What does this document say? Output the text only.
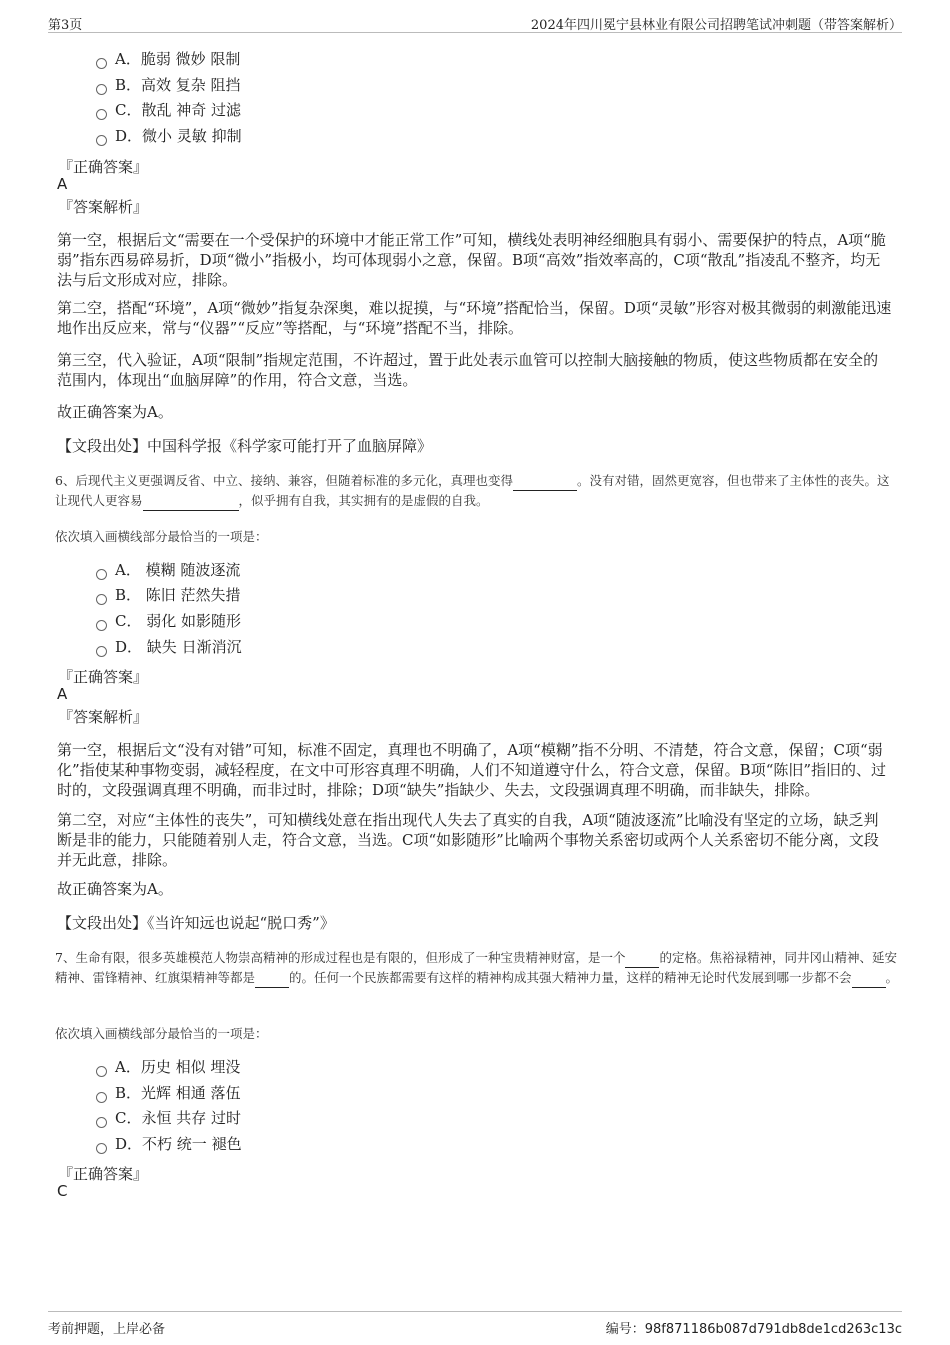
第3页	2024年四川冕宁县林业有限公司招聘笔试冲刺题（带答案解析）
A．脆弱 微妙 限制
B．高效 复杂 阻挡
C．散乱 神奇 过滤
D．微小 灵敏 抑制
『正确答案』
A
『答案解析』
第一空，根据后文“需要在一个受保护的环境中才能正常工作”可知，横线处表明神经细胞具有弱小、需要保护的特点，A项“脆弱”指东西易碎易折，D项“微小”指极小，均可体现弱小之意，保留。B项“高效”指效率高的，C项“散乱”指凌乱不整齐，均无法与后文形成对应，排除。
第二空，搭配“环境”，A项“微妙”指复杂深奥，难以捉摸，与“环境”搭配恰当，保留。D项“灵敏”形容对极其微弱的刺激能迅速地作出反应来，常与“仪器”“反应”等搭配，与“环境”搭配不当，排除。
第三空，代入验证，A项“限制”指规定范围，不许超过，置于此处表示血管可以控制大脑接触的物质，使这些物质都在安全的范围内，体现出“血脑屏障”的作用，符合文意，当选。
故正确答案为A。
【文段出处】中国科学报《科学家可能打开了血脑屏障》
6、后现代主义更强调反省、中立、接纳、兼容，但随着标准的多元化，真理也变得	。没有对错，固然更宽容，但也带来了主体性的丧失。这让现代人更容易	，似乎拥有自我，其实拥有的是虚假的自我。
依次填入画横线部分最恰当的一项是：
A． 模糊 随波逐流
B． 陈旧 茫然失措
C． 弱化 如影随形
D． 缺失 日渐消沉
『正确答案』
A
『答案解析』
第一空，根据后文“没有对错”可知，标准不固定，真理也不明确了，A项“模糊”指不分明、不清楚，符合文意，保留；C项“弱化”指使某种事物变弱，减轻程度，在文中可形容真理不明确，人们不知道遵守什么，符合文意，保留。B项“陈旧”指旧的、过时的，文段强调真理不明确，而非过时，排除；D项“缺失”指缺少、失去，文段强调真理不明确，而非缺失，排除。
第二空，对应“主体性的丧失”，可知横线处意在指出现代人失去了真实的自我，A项“随波逐流”比喻没有坚定的立场，缺乏判断是非的能力，只能随着别人走，符合文意，当选。C项“如影随形”比喻两个事物关系密切或两个人关系密切不能分离，文段并无此意，排除。
故正确答案为A。
【文段出处】《当许知远也说起“脱口秀”》
7、生命有限，很多英雄模范人物崇高精神的形成过程也是有限的，但形成了一种宝贵精神财富，是一个	的定格。焦裕禄精神，同井冈山精神、延安精神、雷锋精神、红旗渠精神等都是	的。任何一个民族都需要有这样的精神构成其强大精神力量，这样的精神无论时代发展到哪一步都不会	。
依次填入画横线部分最恰当的一项是：
A．历史 相似 埋没
B．光辉 相通 落伍
C．永恒 共存 过时
D．不朽 统一 褪色
『正确答案』
C
考前押题，上岸必备	编号：98f871186b087d791db8de1cd263c13c
